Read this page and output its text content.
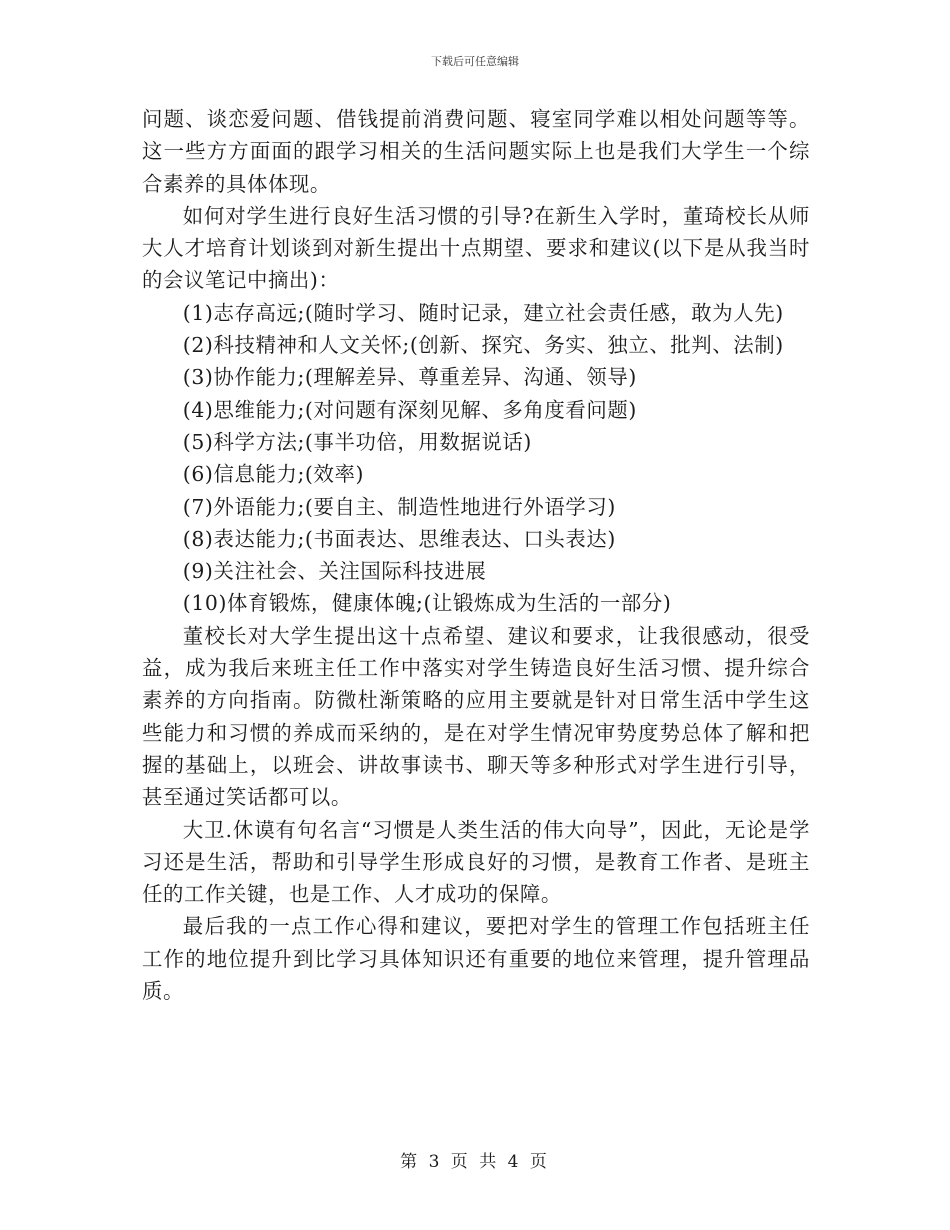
下载后可任意编辑

问题、谈恋爱问题、借钱提前消费问题、寝室同学难以相处问题等等。这一些方方面面的跟学习相关的生活问题实际上也是我们大学生一个综合素养的具体体现。

如何对学生进行良好生活习惯的引导?在新生入学时，董琦校长从师大人才培育计划谈到对新生提出十点期望、要求和建议(以下是从我当时的会议笔记中摘出)：

(1)志存高远;(随时学习、随时记录，建立社会责任感，敢为人先)

(2)科技精神和人文关怀;(创新、探究、务实、独立、批判、法制)

(3)协作能力;(理解差异、尊重差异、沟通、领导)

(4)思维能力;(对问题有深刻见解、多角度看问题)

(5)科学方法;(事半功倍，用数据说话)

(6)信息能力;(效率)

(7)外语能力;(要自主、制造性地进行外语学习)

(8)表达能力;(书面表达、思维表达、口头表达)

(9)关注社会、关注国际科技进展

(10)体育锻炼，健康体魄;(让锻炼成为生活的一部分)

董校长对大学生提出这十点希望、建议和要求，让我很感动，很受益，成为我后来班主任工作中落实对学生铸造良好生活习惯、提升综合素养的方向指南。防微杜渐策略的应用主要就是针对日常生活中学生这些能力和习惯的养成而采纳的，是在对学生情况审势度势总体了解和把握的基础上，以班会、讲故事读书、聊天等多种形式对学生进行引导，甚至通过笑话都可以。

大卫.休谟有句名言“习惯是人类生活的伟大向导”，因此，无论是学习还是生活，帮助和引导学生形成良好的习惯，是教育工作者、是班主任的工作关键，也是工作、人才成功的保障。

最后我的一点工作心得和建议，要把对学生的管理工作包括班主任工作的地位提升到比学习具体知识还有重要的地位来管理，提升管理品质。

第 3 页 共 4 页
